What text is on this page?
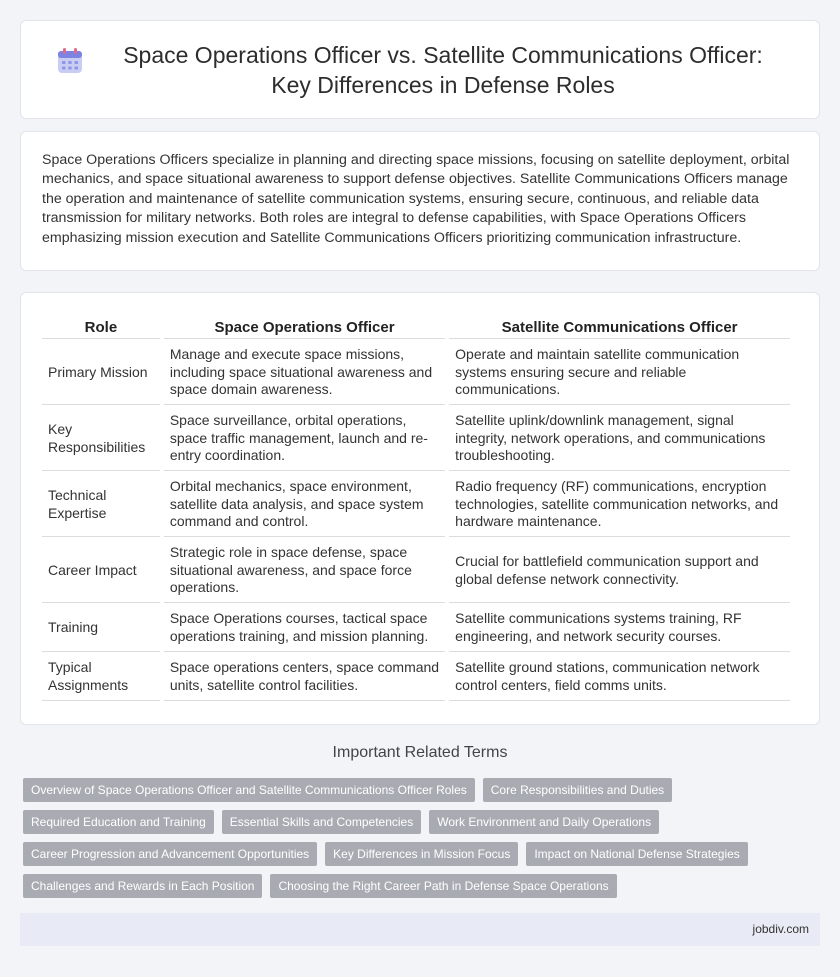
Space Operations Officer vs. Satellite Communications Officer: Key Differences in Defense Roles

Space Operations Officers specialize in planning and directing space missions, focusing on satellite deployment, orbital mechanics, and space situational awareness to support defense objectives. Satellite Communications Officers manage the operation and maintenance of satellite communication systems, ensuring secure, continuous, and reliable data transmission for military networks. Both roles are integral to defense capabilities, with Space Operations Officers emphasizing mission execution and Satellite Communications Officers prioritizing communication infrastructure.

Role	Space Operations Officer	Satellite Communications Officer
Primary Mission	Manage and execute space missions, including space situational awareness and space domain awareness.	Operate and maintain satellite communication systems ensuring secure and reliable communications.
Key Responsibilities	Space surveillance, orbital operations, space traffic management, launch and re-entry coordination.	Satellite uplink/downlink management, signal integrity, network operations, and communications troubleshooting.
Technical Expertise	Orbital mechanics, space environment, satellite data analysis, and space system command and control.	Radio frequency (RF) communications, encryption technologies, satellite communication networks, and hardware maintenance.
Career Impact	Strategic role in space defense, space situational awareness, and space force operations.	Crucial for battlefield communication support and global defense network connectivity.
Training	Space Operations courses, tactical space operations training, and mission planning.	Satellite communications systems training, RF engineering, and network security courses.
Typical Assignments	Space operations centers, space command units, satellite control facilities.	Satellite ground stations, communication network control centers, field comms units.
Important Related Terms
Overview of Space Operations Officer and Satellite Communications Officer Roles	Core Responsibilities and Duties
Required Education and Training	Essential Skills and Competencies	Work Environment and Daily Operations
Career Progression and Advancement Opportunities	Key Differences in Mission Focus	Impact on National Defense Strategies
Challenges and Rewards in Each Position	Choosing the Right Career Path in Defense Space Operations
jobdiv.com
